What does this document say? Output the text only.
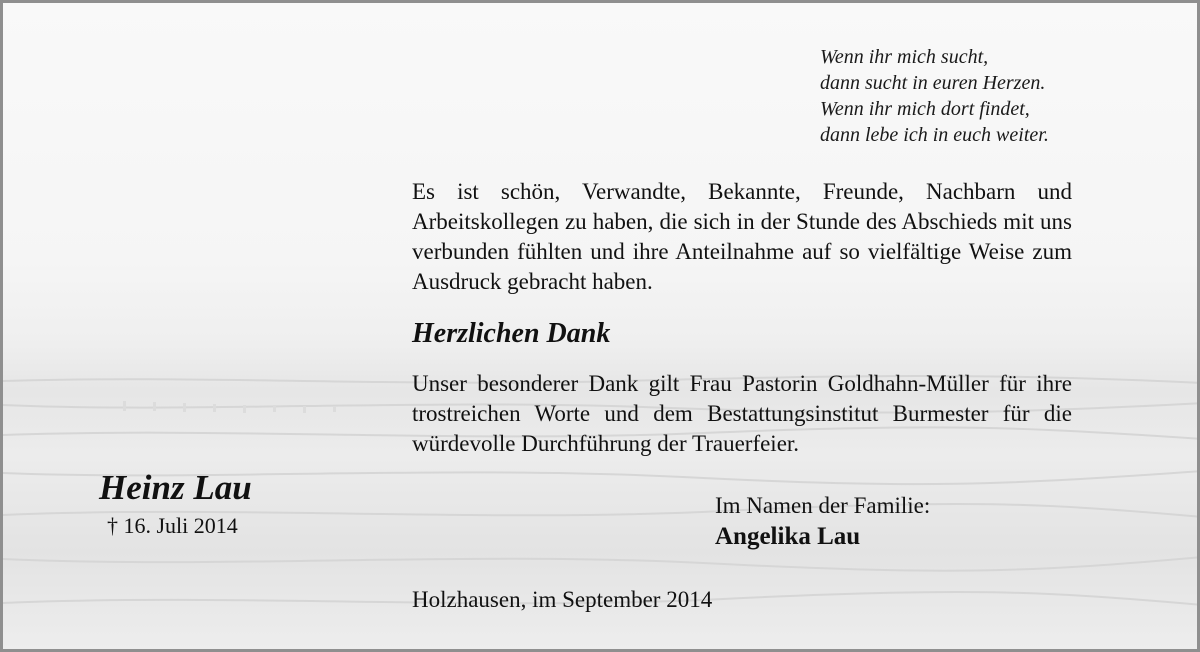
Wenn ihr mich sucht,
dann sucht in euren Herzen.
Wenn ihr mich dort findet,
dann lebe ich in euch weiter.

Es ist schön, Verwandte, Bekannte, Freunde, Nachbarn und Arbeitskollegen zu haben, die sich in der Stunde des Abschieds mit uns verbunden fühlten und ihre Anteilnahme auf so vielfältige Weise zum Ausdruck gebracht haben.

Herzlichen Dank

Unser besonderer Dank gilt Frau Pastorin Goldhahn-Müller für ihre trostreichen Worte und dem Bestattungsinstitut Burmester für die würdevolle Durchführung der Trauerfeier.

Heinz Lau

† 16. Juli 2014

Im Namen der Familie:

Angelika Lau

Holzhausen, im September 2014
